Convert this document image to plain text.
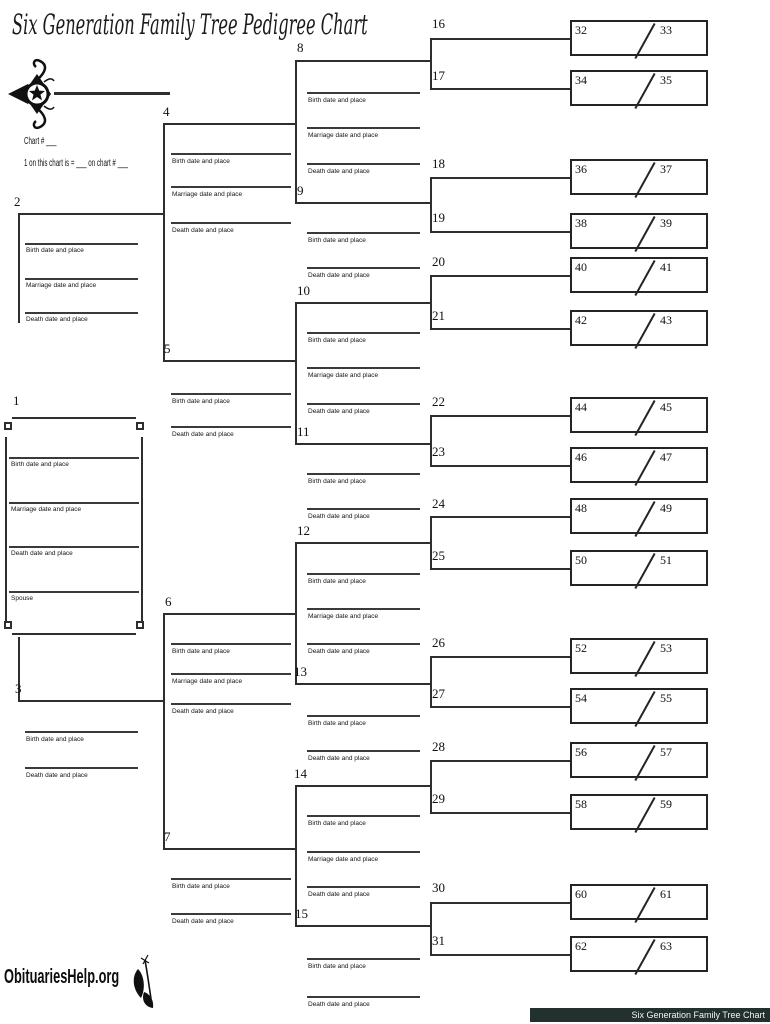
Six Generation Family Tree Pedigree Chart
Chart # ___
1 on this chart is = ___ on chart # ___
1
Birth date and place
Marriage date and place
Death date and place
Spouse
2
Birth date and place
Marriage date and place
Death date and place
3
Birth date and place
Death date and place
4
Birth date and place
Marriage date and place
Death date and place
5
Birth date and place
Death date and place
6
Birth date and place
Marriage date and place
Death date and place
7
Birth date and place
Death date and place
8
Birth date and place
Marriage date and place
Death date and place
9
Birth date and place
Death date and place
10
Birth date and place
Marriage date and place
Death date and place
11
Birth date and place
Death date and place
12
Birth date and place
Marriage date and place
Death date and place
13
Birth date and place
Death date and place
14
Birth date and place
Marriage date and place
Death date and place
15
Birth date and place
Death date and place
16
17
18
19
20
21
22
23
24
25
26
27
28
29
30
31
32	33
34	35
36	37
38	39
40	41
42	43
44	45
46	47
48	49
50	51
52	53
54	55
56	57
58	59
60	61
62	63
ObituariesHelp.org
Six Generation Family Tree Chart
